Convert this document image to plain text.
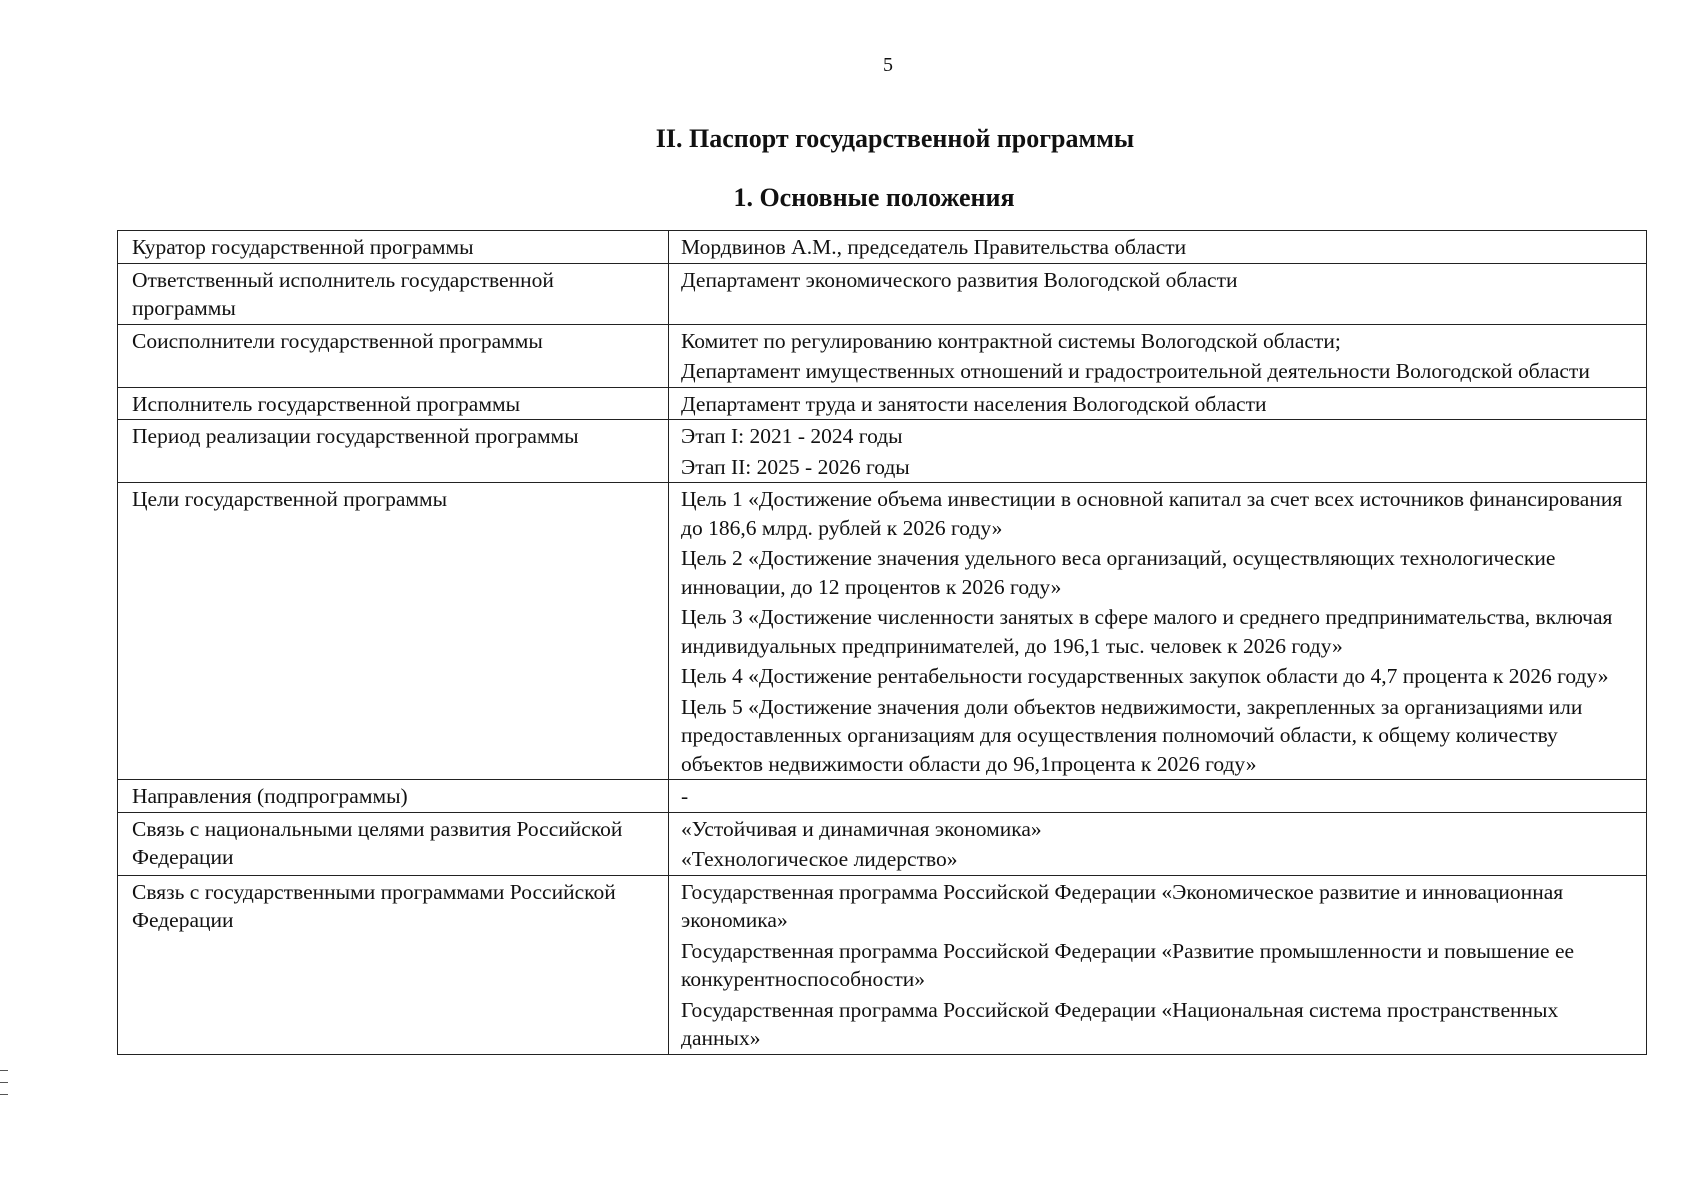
5
II. Паспорт государственной программы
1. Основные положения
Куратор государственной программы	Мордвинов А.М., председатель Правительства области

Ответственный исполнитель государственной программы	Департамент экономического развития Вологодской области

Соисполнители государственной программы	Комитет по регулированию контрактной системы Вологодской области;
Департамент имущественных отношений и градостроительной деятельности Вологодской области

Исполнитель государственной программы	Департамент труда и занятости населения Вологодской области

Период реализации государственной программы	Этап I: 2021 - 2024 годы
Этап II: 2025 - 2026 годы

Цели государственной программы	Цель 1 «Достижение объема инвестиции в основной капитал за счет всех источников финансирования до 186,6 млрд. рублей к 2026 году»
Цель 2 «Достижение значения удельного веса организаций, осуществляющих технологические инновации, до 12 процентов к 2026 году»
Цель 3 «Достижение численности занятых в сфере малого и среднего предпринимательства, включая индивидуальных предпринимателей, до 196,1 тыс. человек к 2026 году»
Цель 4 «Достижение рентабельности государственных закупок области до 4,7 процента к 2026 году»
Цель 5 «Достижение значения доли объектов недвижимости, закрепленных за организациями или предоставленных организациям для осуществления полномочий области, к общему количеству объектов недвижимости области до 96,1процента к 2026 году»

Направления (подпрограммы)	-

Связь с национальными целями развития Российской Федерации	«Устойчивая и динамичная экономика»
«Технологическое лидерство»

Связь с государственными программами Российской Федерации	Государственная программа Российской Федерации «Экономическое развитие и инновационная экономика»
Государственная программа Российской Федерации «Развитие промышленности и повышение ее конкурентноспособности»
Государственная программа Российской Федерации «Национальная система пространственных данных»
